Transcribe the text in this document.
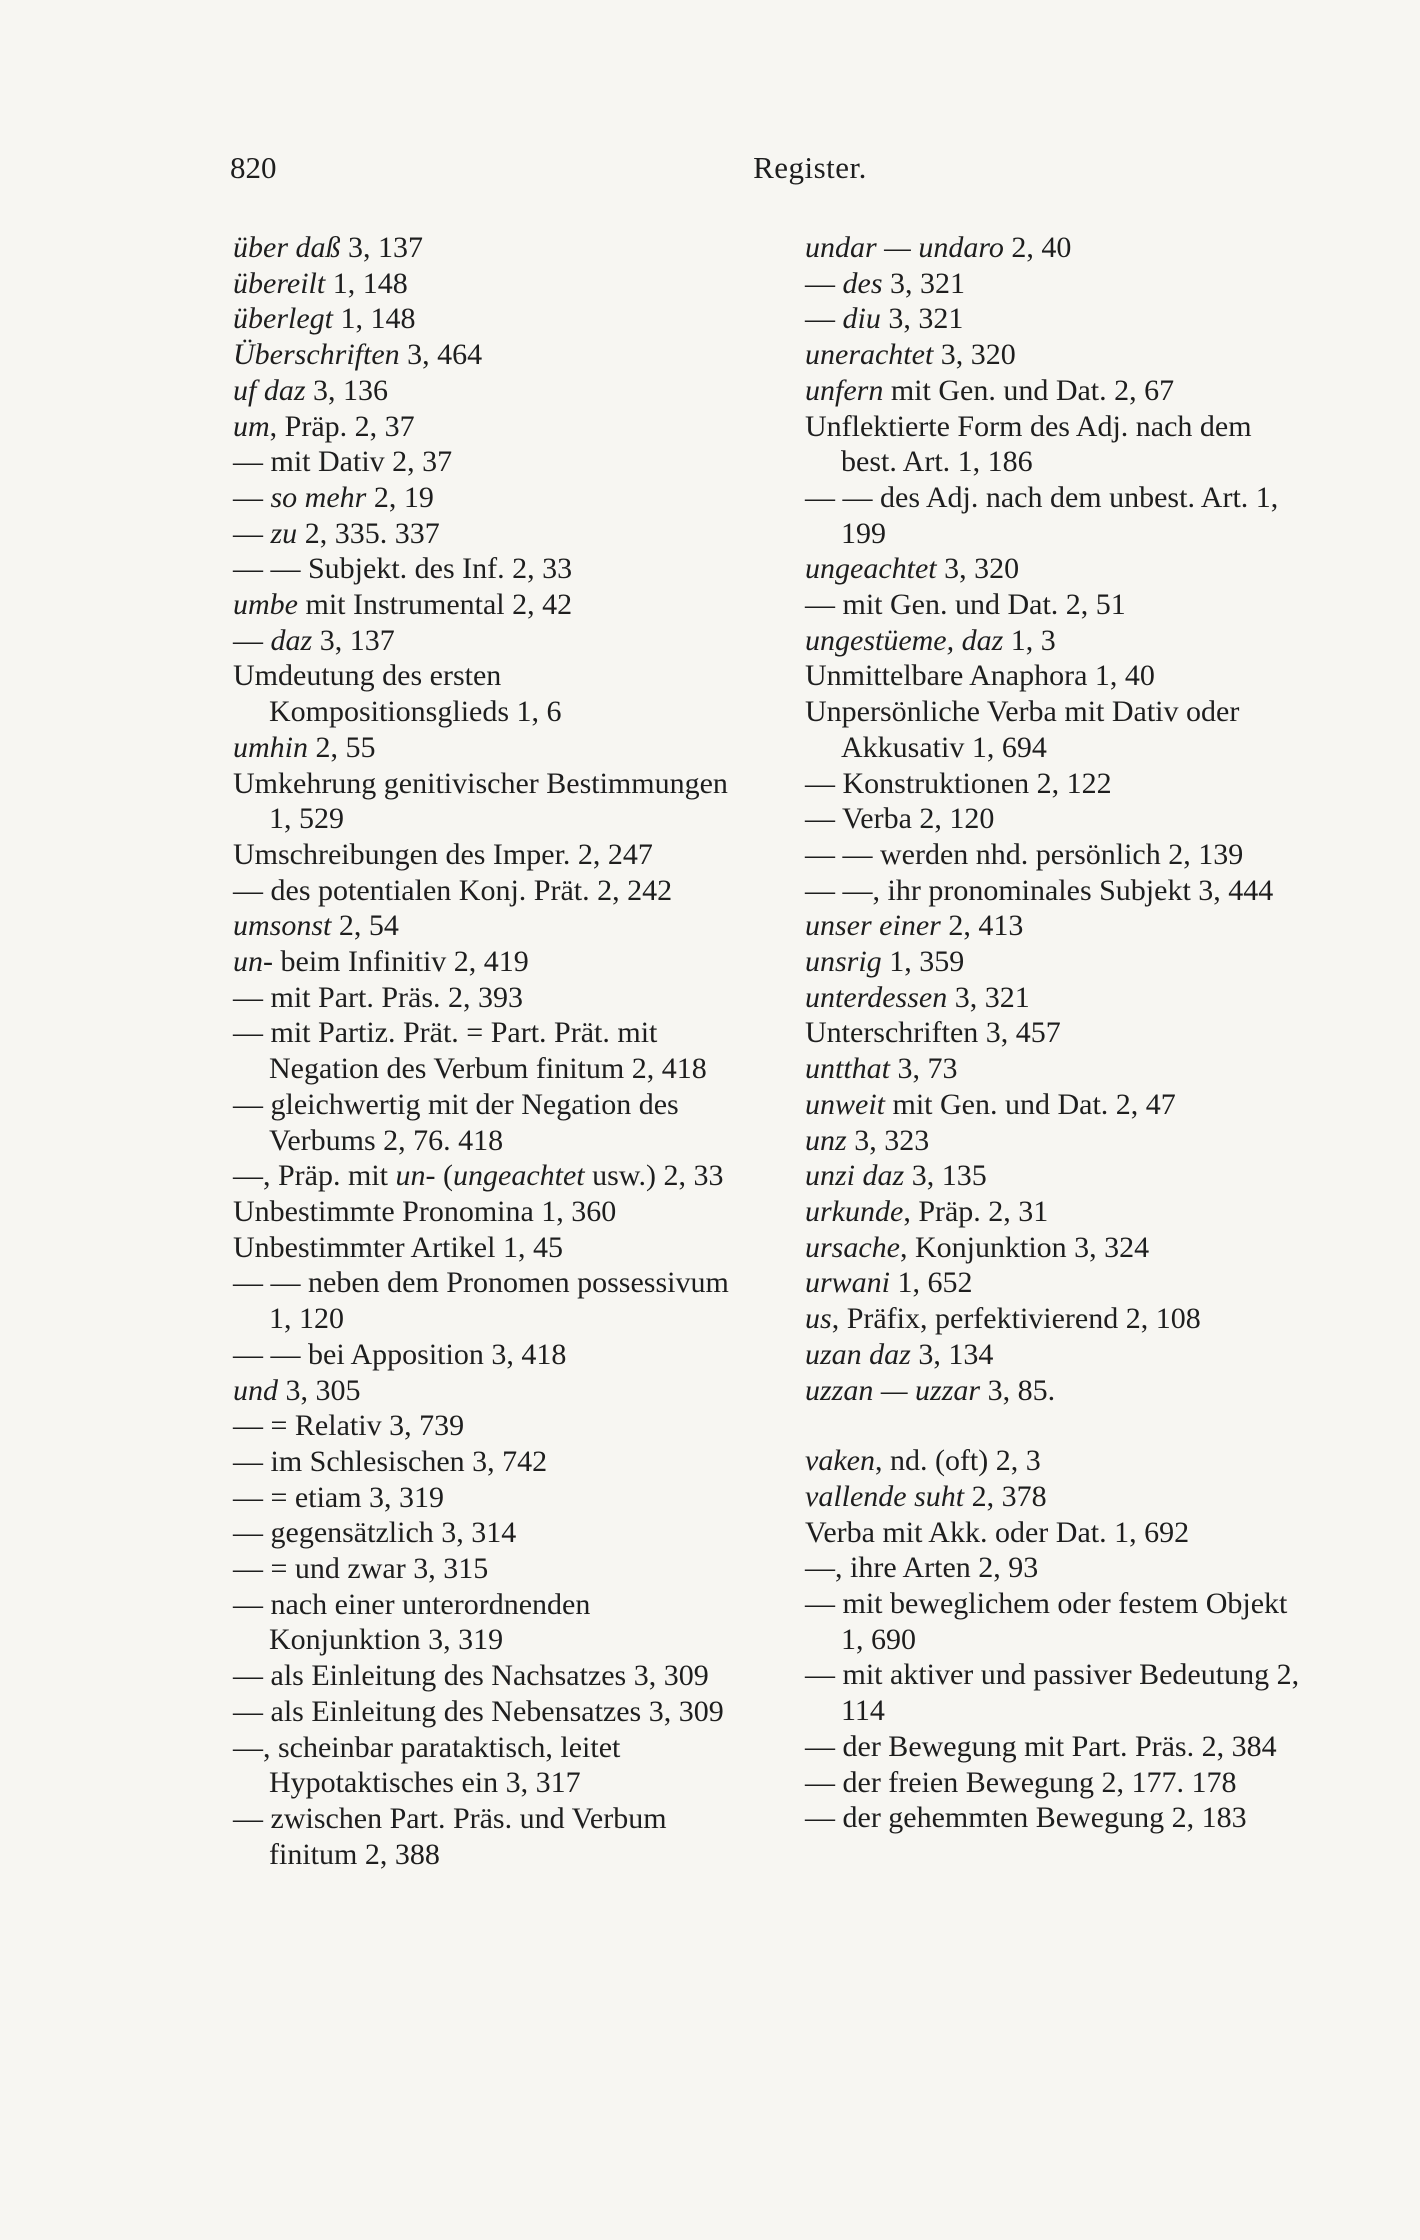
820	Register.
über daß 3, 137
übereilt 1, 148
überlegt 1, 148
Überschriften 3, 464
uf daz 3, 136
um, Präp. 2, 37
— mit Dativ 2, 37
— so mehr 2, 19
— zu 2, 335. 337
— — Subjekt. des Inf. 2, 33
umbe mit Instrumental 2, 42
— daz 3, 137
Umdeutung des ersten Kompositionsglieds 1, 6
umhin 2, 55
Umkehrung genitivischer Bestimmungen 1, 529
Umschreibungen des Imper. 2, 247
— des potentialen Konj. Prät. 2, 242
umsonst 2, 54
un- beim Infinitiv 2, 419
— mit Part. Präs. 2, 393
— mit Partiz. Prät. = Part. Prät. mit Negation des Verbum finitum 2, 418
— gleichwertig mit der Negation des Verbums 2, 76. 418
—, Präp. mit un- (ungeachtet usw.) 2, 33
Unbestimmte Pronomina 1, 360
Unbestimmter Artikel 1, 45
— — neben dem Pronomen possessivum 1, 120
— — bei Apposition 3, 418
und 3, 305
— = Relativ 3, 739
— im Schlesischen 3, 742
— = etiam 3, 319
— gegensätzlich 3, 314
— = und zwar 3, 315
— nach einer unterordnenden Konjunktion 3, 319
— als Einleitung des Nachsatzes 3, 309
— als Einleitung des Nebensatzes 3, 309
—, scheinbar parataktisch, leitet Hypotaktisches ein 3, 317
— zwischen Part. Präs. und Verbum finitum 2, 388
undar — undaro 2, 40
— des 3, 321
— diu 3, 321
unerachtet 3, 320
unfern mit Gen. und Dat. 2, 67
Unflektierte Form des Adj. nach dem best. Art. 1, 186
— — des Adj. nach dem unbest. Art. 1, 199
ungeachtet 3, 320
— mit Gen. und Dat. 2, 51
ungestüeme, daz 1, 3
Unmittelbare Anaphora 1, 40
Unpersönliche Verba mit Dativ oder Akkusativ 1, 694
— Konstruktionen 2, 122
— Verba 2, 120
— — werden nhd. persönlich 2, 139
— —, ihr pronominales Subjekt 3, 444
unser einer 2, 413
unsrig 1, 359
unterdessen 3, 321
Unterschriften 3, 457
untthat 3, 73
unweit mit Gen. und Dat. 2, 47
unz 3, 323
unzi daz 3, 135
urkunde, Präp. 2, 31
ursache, Konjunktion 3, 324
urwani 1, 652
us, Präfix, perfektivierend 2, 108
uzan daz 3, 134
uzzan — uzzar 3, 85.
vaken, nd. (oft) 2, 3
vallende suht 2, 378
Verba mit Akk. oder Dat. 1, 692
—, ihre Arten 2, 93
— mit beweglichem oder festem Objekt 1, 690
— mit aktiver und passiver Bedeutung 2, 114
— der Bewegung mit Part. Präs. 2, 384
— der freien Bewegung 2, 177. 178
— der gehemmten Bewegung 2, 183
